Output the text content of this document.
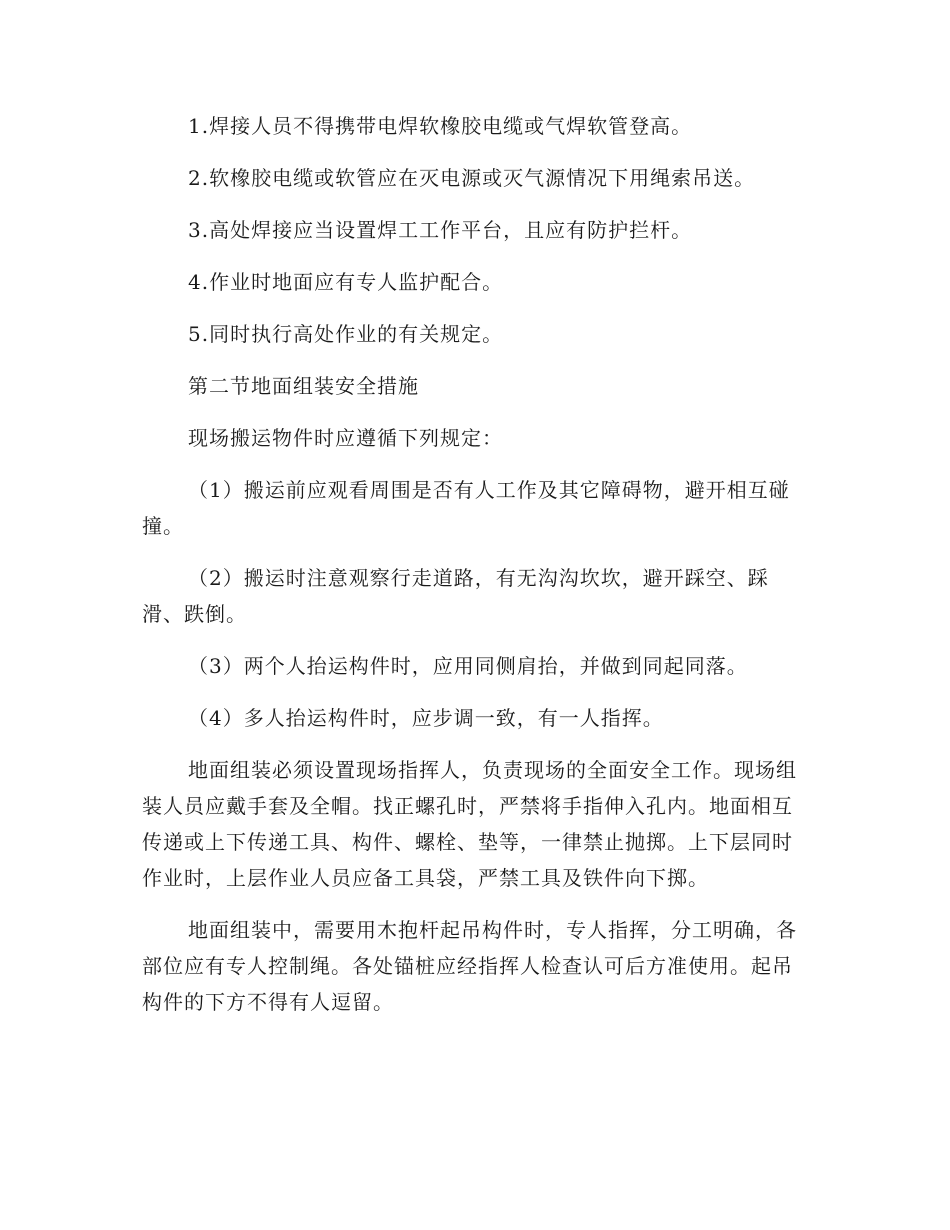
1.焊接人员不得携带电焊软橡胶电缆或气焊软管登高。

2.软橡胶电缆或软管应在灭电源或灭气源情况下用绳索吊送。

3.高处焊接应当设置焊工工作平台，且应有防护拦杆。

4.作业时地面应有专人监护配合。

5.同时执行高处作业的有关规定。

第二节地面组装安全措施

现场搬运物件时应遵循下列规定：

（1）搬运前应观看周围是否有人工作及其它障碍物，避开相互碰撞。

（2）搬运时注意观察行走道路，有无沟沟坎坎，避开踩空、踩滑、跌倒。

（3）两个人抬运构件时，应用同侧肩抬，并做到同起同落。

（4）多人抬运构件时，应步调一致，有一人指挥。

地面组装必须设置现场指挥人，负责现场的全面安全工作。现场组装人员应戴手套及全帽。找正螺孔时，严禁将手指伸入孔内。地面相互传递或上下传递工具、构件、螺栓、垫等，一律禁止抛掷。上下层同时作业时，上层作业人员应备工具袋，严禁工具及铁件向下掷。

地面组装中，需要用木抱杆起吊构件时，专人指挥，分工明确，各部位应有专人控制绳。各处锚桩应经指挥人检查认可后方准使用。起吊构件的下方不得有人逗留。
